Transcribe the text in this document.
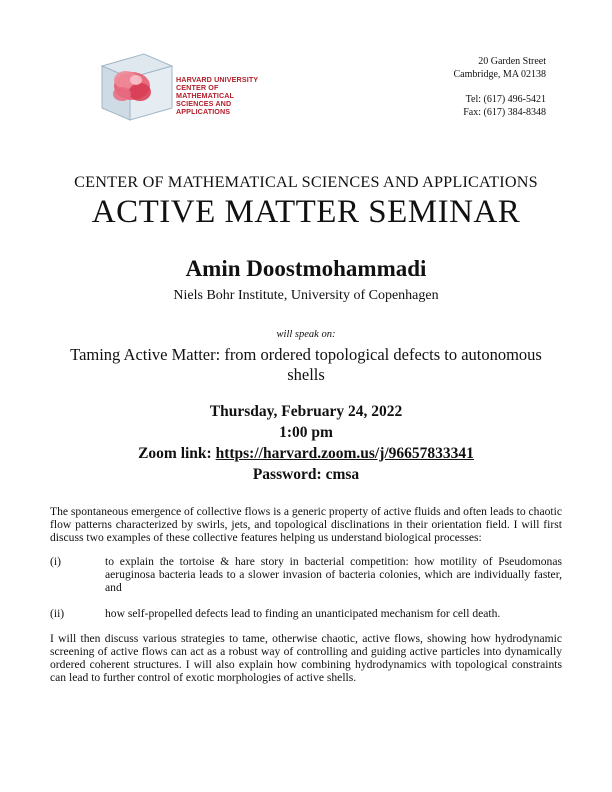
HARVARD UNIVERSITY
CENTER OF MATHEMATICAL
SCIENCES AND APPLICATIONS
20 Garden Street
Cambridge, MA 02138
Tel: (617) 496-5421
Fax: (617) 384-8348
CENTER OF MATHEMATICAL SCIENCES AND APPLICATIONS
ACTIVE MATTER SEMINAR
Amin Doostmohammadi
Niels Bohr Institute, University of Copenhagen
will speak on:
Taming Active Matter: from ordered topological defects to autonomous shells
Thursday, February 24, 2022
1:00 pm
Zoom link: https://harvard.zoom.us/j/96657833341
Password: cmsa

The spontaneous emergence of collective flows is a generic property of active fluids and often leads to chaotic flow patterns characterized by swirls, jets, and topological disclinations in their orientation field. I will first discuss two examples of these collective features helping us understand biological processes:

(i)	to explain the tortoise & hare story in bacterial competition: how motility of Pseudomonas aeruginosa bacteria leads to a slower invasion of bacteria colonies, which are individually faster, and
(ii)	how self-propelled defects lead to finding an unanticipated mechanism for cell death.

I will then discuss various strategies to tame, otherwise chaotic, active flows, showing how hydrodynamic screening of active flows can act as a robust way of controlling and guiding active particles into dynamically ordered coherent structures. I will also explain how combining hydrodynamics with topological constraints can lead to further control of exotic morphologies of active shells.
